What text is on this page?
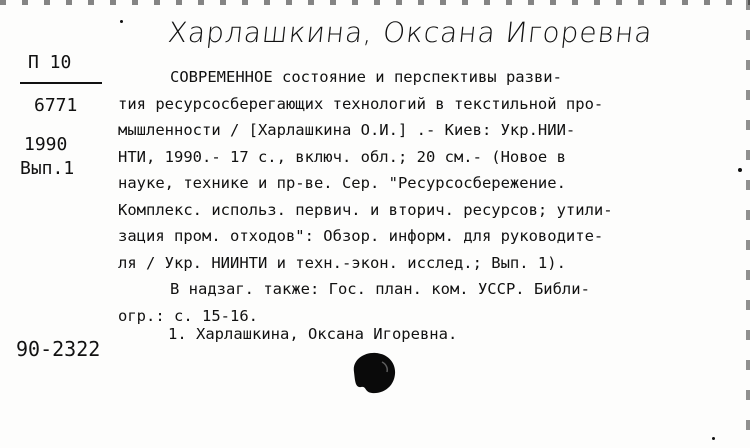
Харлашкина, Оксана Игоревна
П 10
6771
1990
Вып.1
СОВРЕМЕННОЕ состояние и перспективы разви-
тия ресурсосберегающих технологий в текстильной про-
мышленности / [Харлашкина О.И.] .- Киев: Укр.НИИ-
НТИ, 1990.- 17 с., включ. обл.; 20 см.- (Новое в
науке, технике и пр-ве. Сер. "Ресурсосбережение.
Комплекс. использ. первич. и вторич. ресурсов; утили-
зация пром. отходов": Обзор. информ. для руководите-
ля / Укр. НИИНТИ и техн.-экон. исслед.; Вып. 1).
В надзаг. также: Гос. план. ком. УССР. Библи-
огр.: с. 15-16.
1. Харлашкина, Оксана Игоревна.
90-2322
